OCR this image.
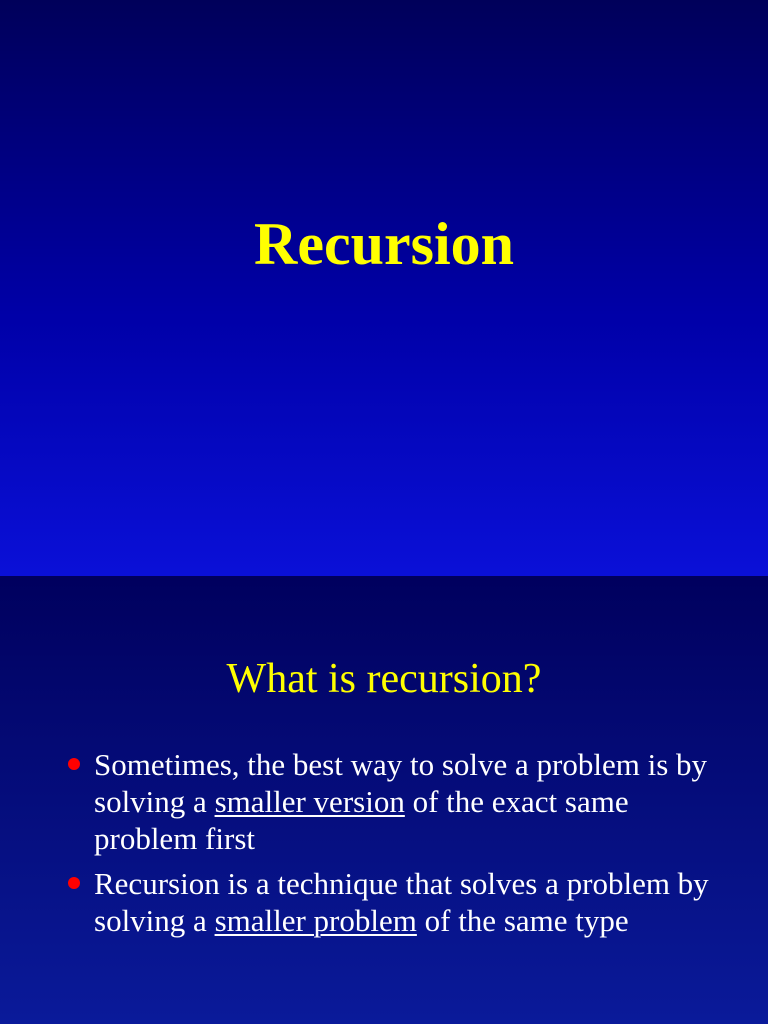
Recursion
What is recursion?
Sometimes, the best way to solve a problem is by solving a smaller version of the exact same problem first
Recursion is a technique that solves a problem by solving a smaller problem of the same type
